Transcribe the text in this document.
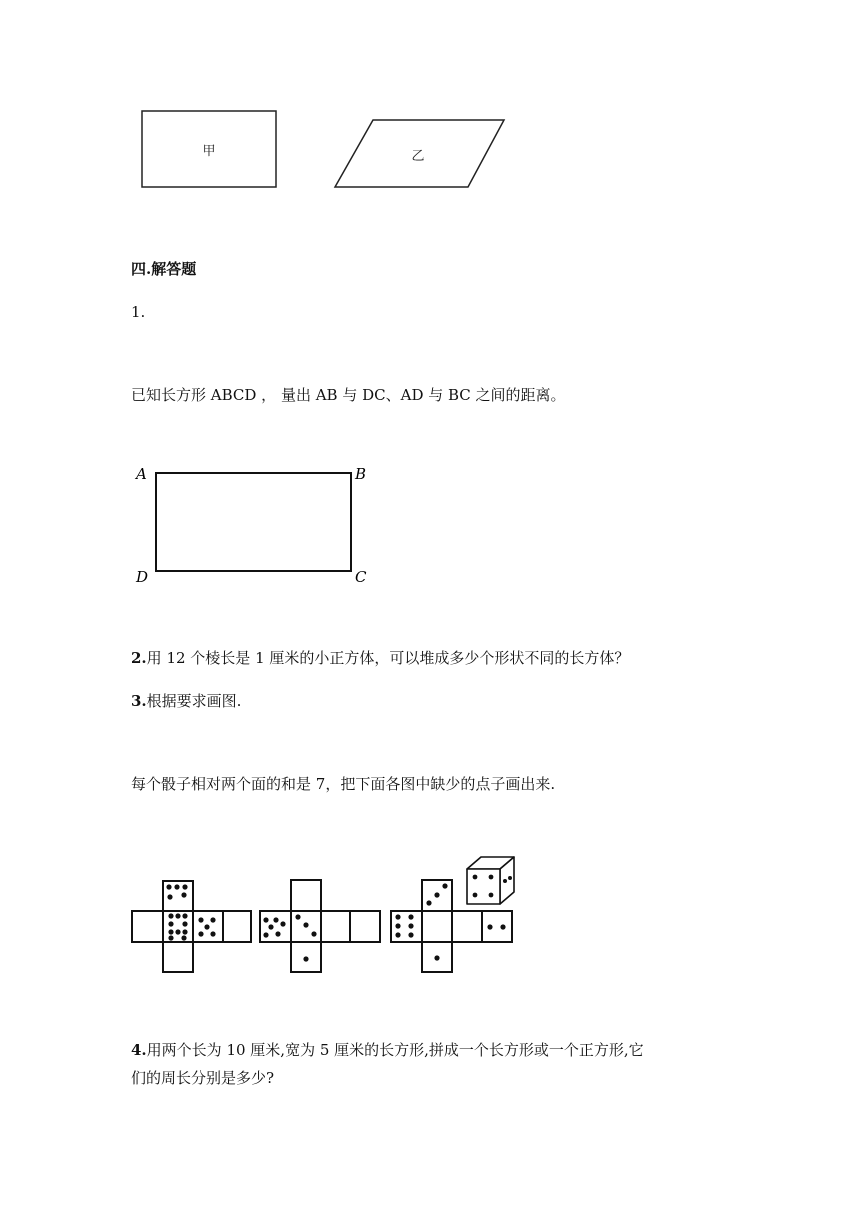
甲	乙
四.解答题
1.
已知长方形 ABCD ， 量出 AB 与 DC、AD 与 BC 之间的距离。
A	B
D	C
2.用 12 个棱长是 1 厘米的小正方体，可以堆成多少个形状不同的长方体？
3.根据要求画图.
每个骰子相对两个面的和是 7，把下面各图中缺少的点子画出来.
4.用两个长为 10 厘米,宽为 5 厘米的长方形,拼成一个长方形或一个正方形,它
们的周长分别是多少?
